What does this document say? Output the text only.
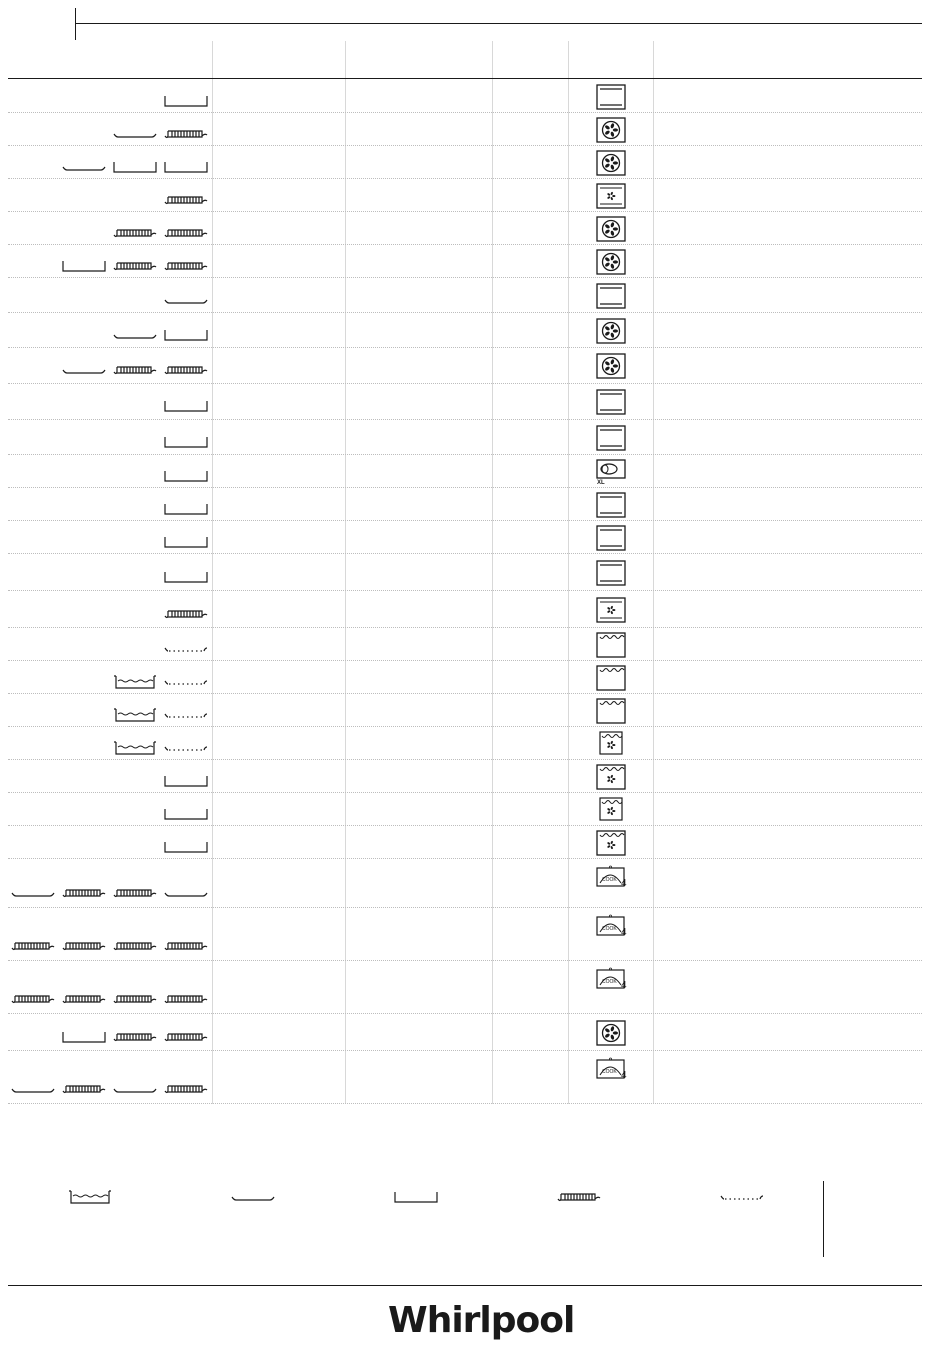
XL
COOK 4
COOK 4
COOK 4
COOK 4
Whirlpool
